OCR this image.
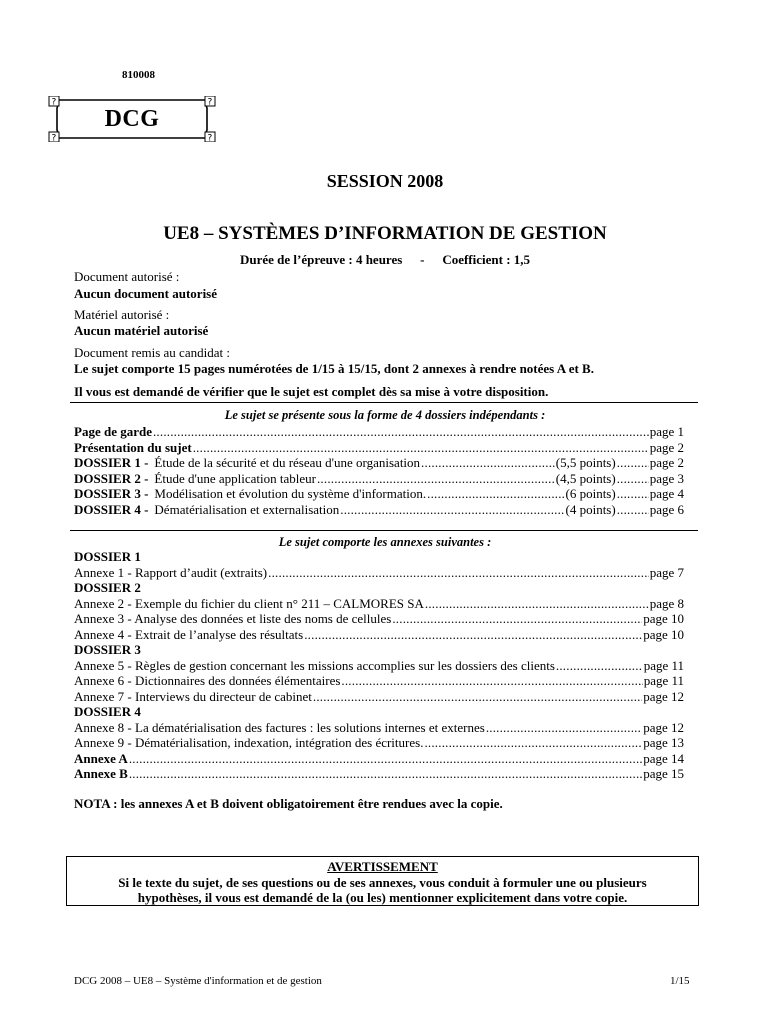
810008
?	?
?	?
DCG
SESSION 2008
UE8 – SYSTÈMES D’INFORMATION DE GESTION
Durée de l’épreuve : 4 heures - Coefficient : 1,5
Document autorisé :
Aucun document autorisé
Matériel autorisé :
Aucun matériel autorisé
Document remis au candidat :
Le sujet comporte 15 pages numérotées de 1/15 à 15/15, dont 2 annexes à rendre notées A et B.
Il vous est demandé de vérifier que le sujet est complet dès sa mise à votre disposition.
Le sujet se présente sous la forme de 4 dossiers indépendants :
Page de garde .....	page 1
Présentation du sujet .....	page 2
DOSSIER 1 - Étude de la sécurité et du réseau d'une organisation .....	(5,5 points) .....	page 2
DOSSIER 2 - Étude d'une application tableur .....	(4,5 points) .....	page 3
DOSSIER 3 - Modélisation et évolution du système d'information. .....	(6 points) .....	page 4
DOSSIER 4 - Dématérialisation et externalisation .....	(4 points) .....	page 6
Le sujet comporte les annexes suivantes :
DOSSIER 1
Annexe 1 - Rapport d’audit (extraits) .....	page 7
DOSSIER 2
Annexe 2 - Exemple du fichier du client n° 211 – CALMORES SA .....	page 8
Annexe 3 - Analyse des données et liste des noms de cellules .....	page 10
Annexe 4 - Extrait de l’analyse des résultats .....	page 10
DOSSIER 3
Annexe 5 - Règles de gestion concernant les missions accomplies sur les dossiers des clients .....	page 11
Annexe 6 - Dictionnaires des données élémentaires .....	page 11
Annexe 7 - Interviews du directeur de cabinet .....	page 12
DOSSIER 4
Annexe 8 - La dématérialisation des factures : les solutions internes et externes .....	page 12
Annexe 9 - Dématérialisation, indexation, intégration des écritures. .....	page 13
Annexe A .....	page 14
Annexe B .....	page 15
NOTA : les annexes A et B doivent obligatoirement être rendues avec la copie.
AVERTISSEMENT
Si le texte du sujet, de ses questions ou de ses annexes, vous conduit à formuler une ou plusieurs
hypothèses, il vous est demandé de la (ou les) mentionner explicitement dans votre copie.
DCG 2008 – UE8 – Système d'information et de gestion	1/15
